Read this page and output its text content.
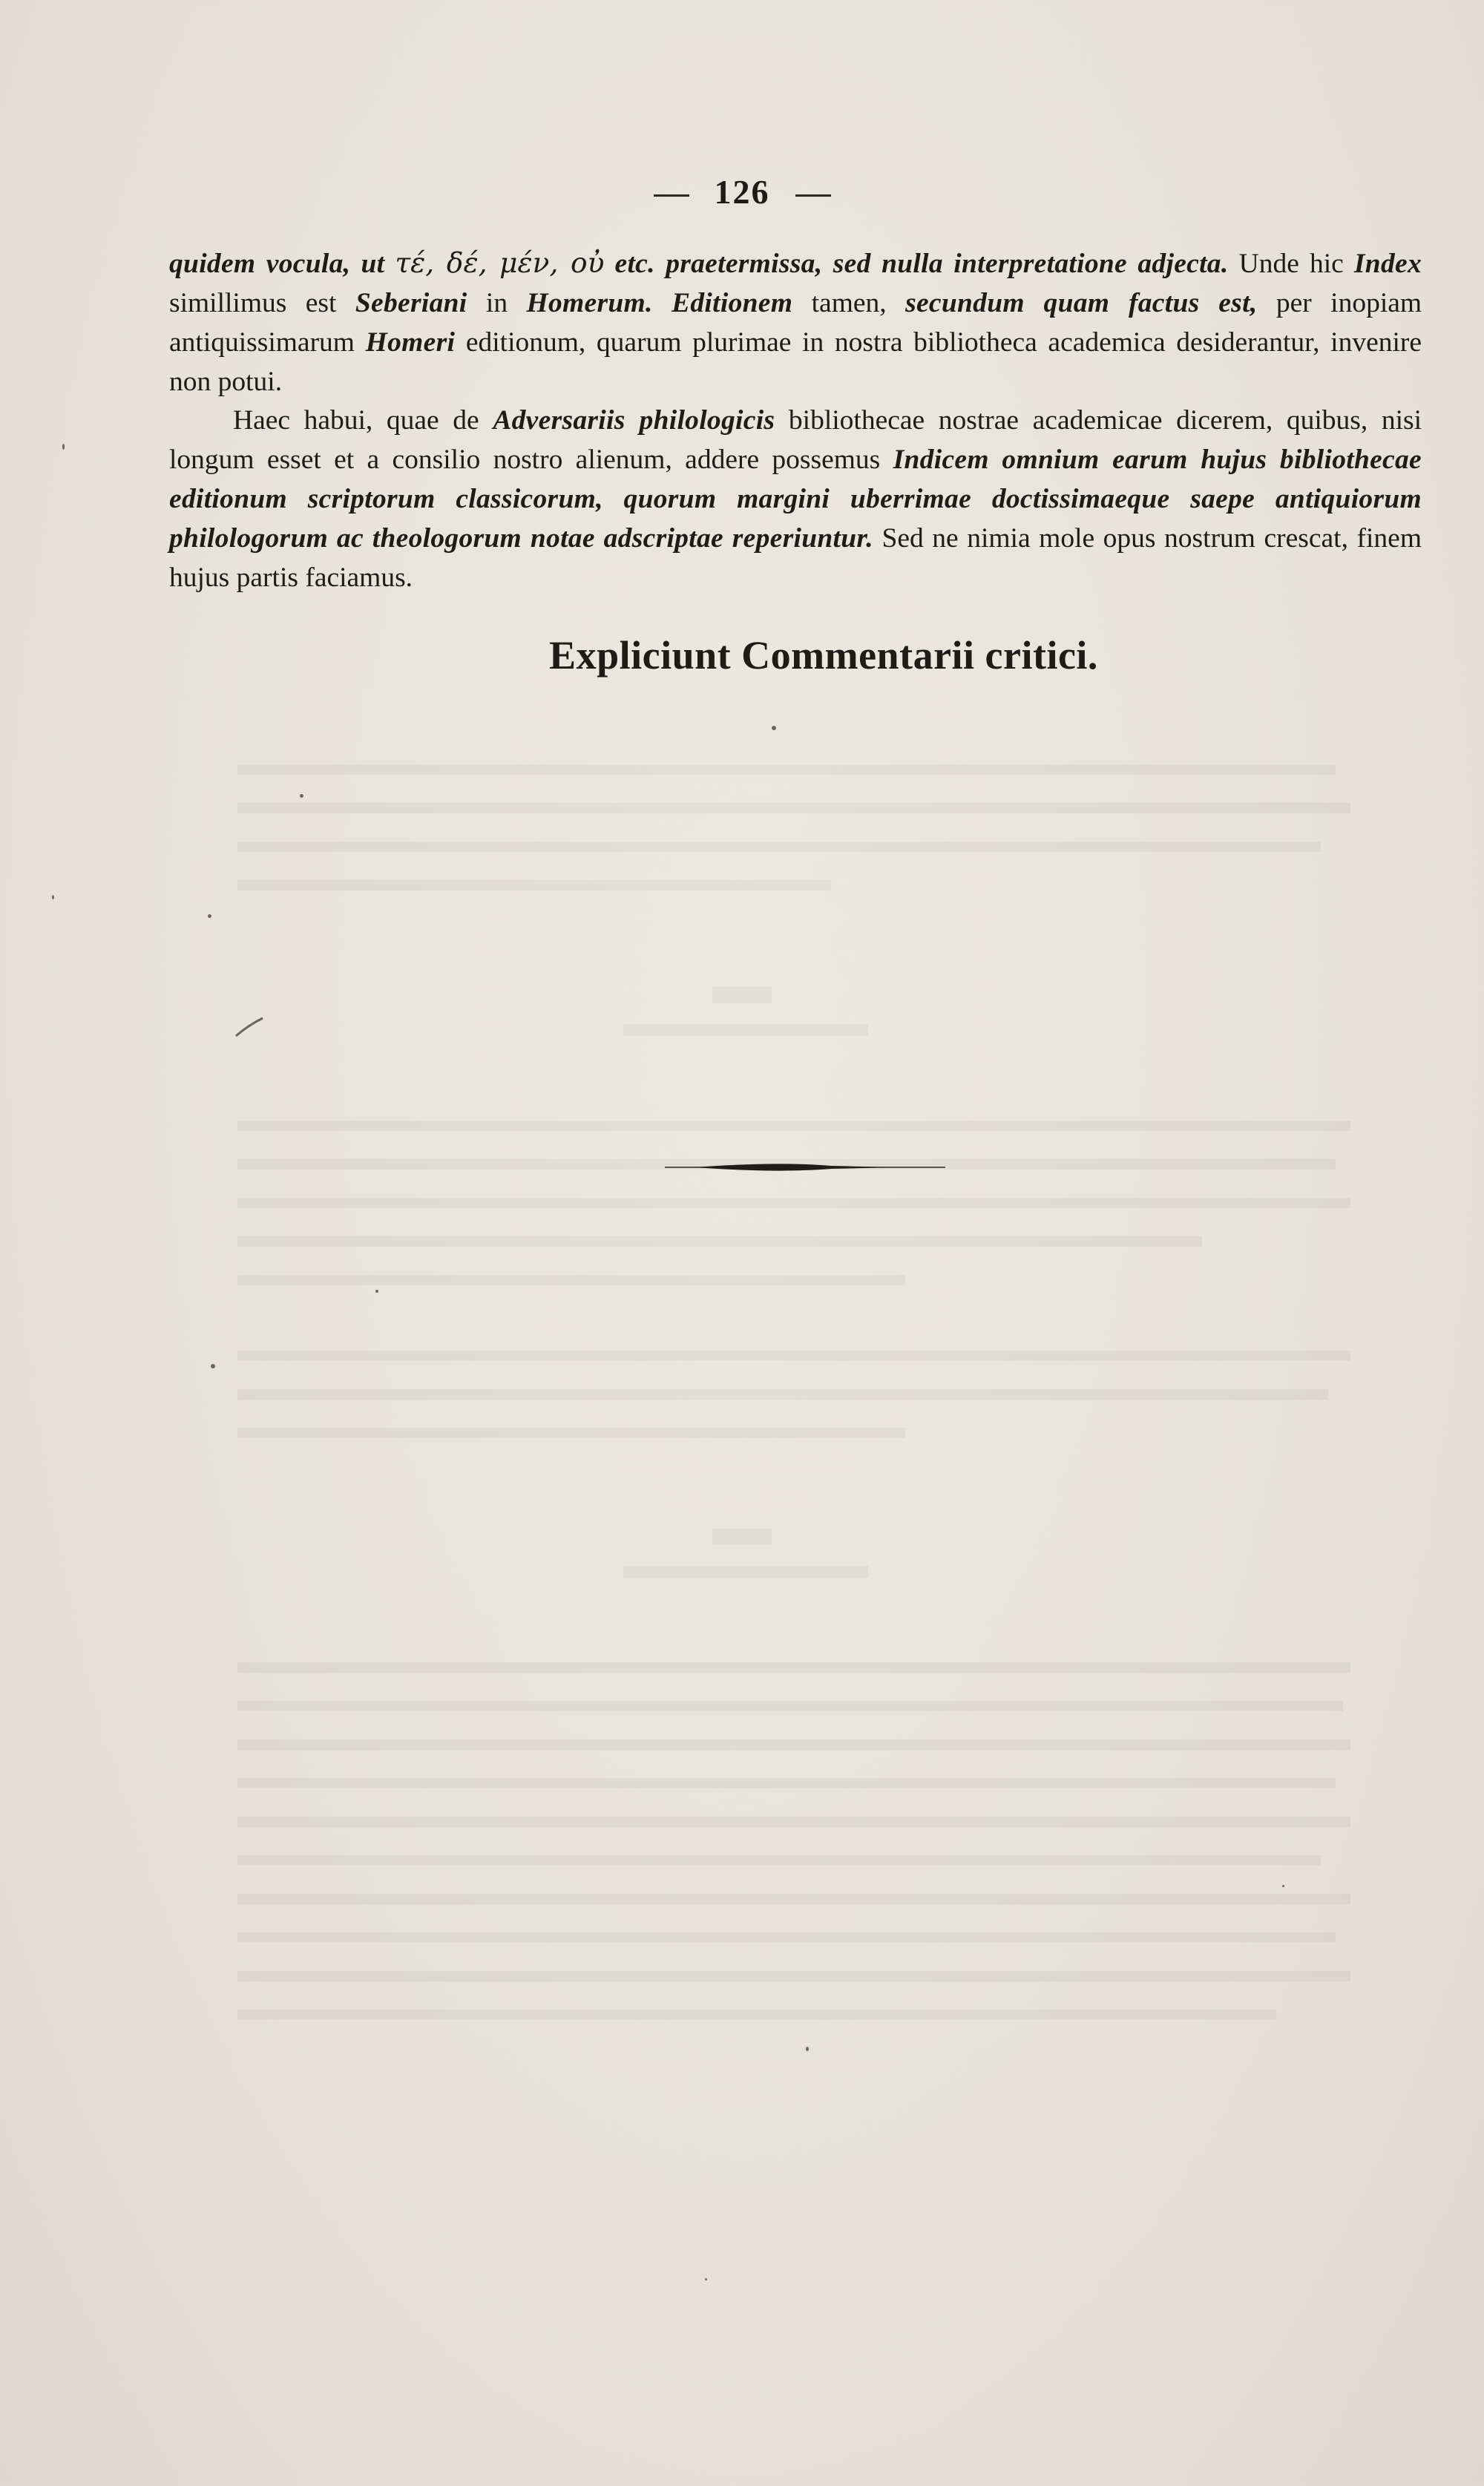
126
quidem vocula, ut τέ, δέ, μέν, οὐ etc. praetermissa, sed nulla interpretatione adjecta. Unde hic Index simillimus est Seberiani in Homerum. Editionem tamen, secundum quam factus est, per inopiam antiquissimarum Homeri editionum, quarum plurimae in nostra bibliotheca academica desiderantur, invenire non potui.
Haec habui, quae de Adversariis philologicis bibliothecae nostrae academicae dicerem, quibus, nisi longum esset et a consilio nostro alienum, addere possemus Indicem omnium earum hujus bibliothecae editionum scriptorum classicorum, quorum margini uberrimae doctissimaeque saepe antiquiorum philologorum ac theologorum notae adscriptae reperiuntur. Sed ne nimia mole opus nostrum crescat, finem hujus partis faciamus.
Expliciunt Commentarii critici.
